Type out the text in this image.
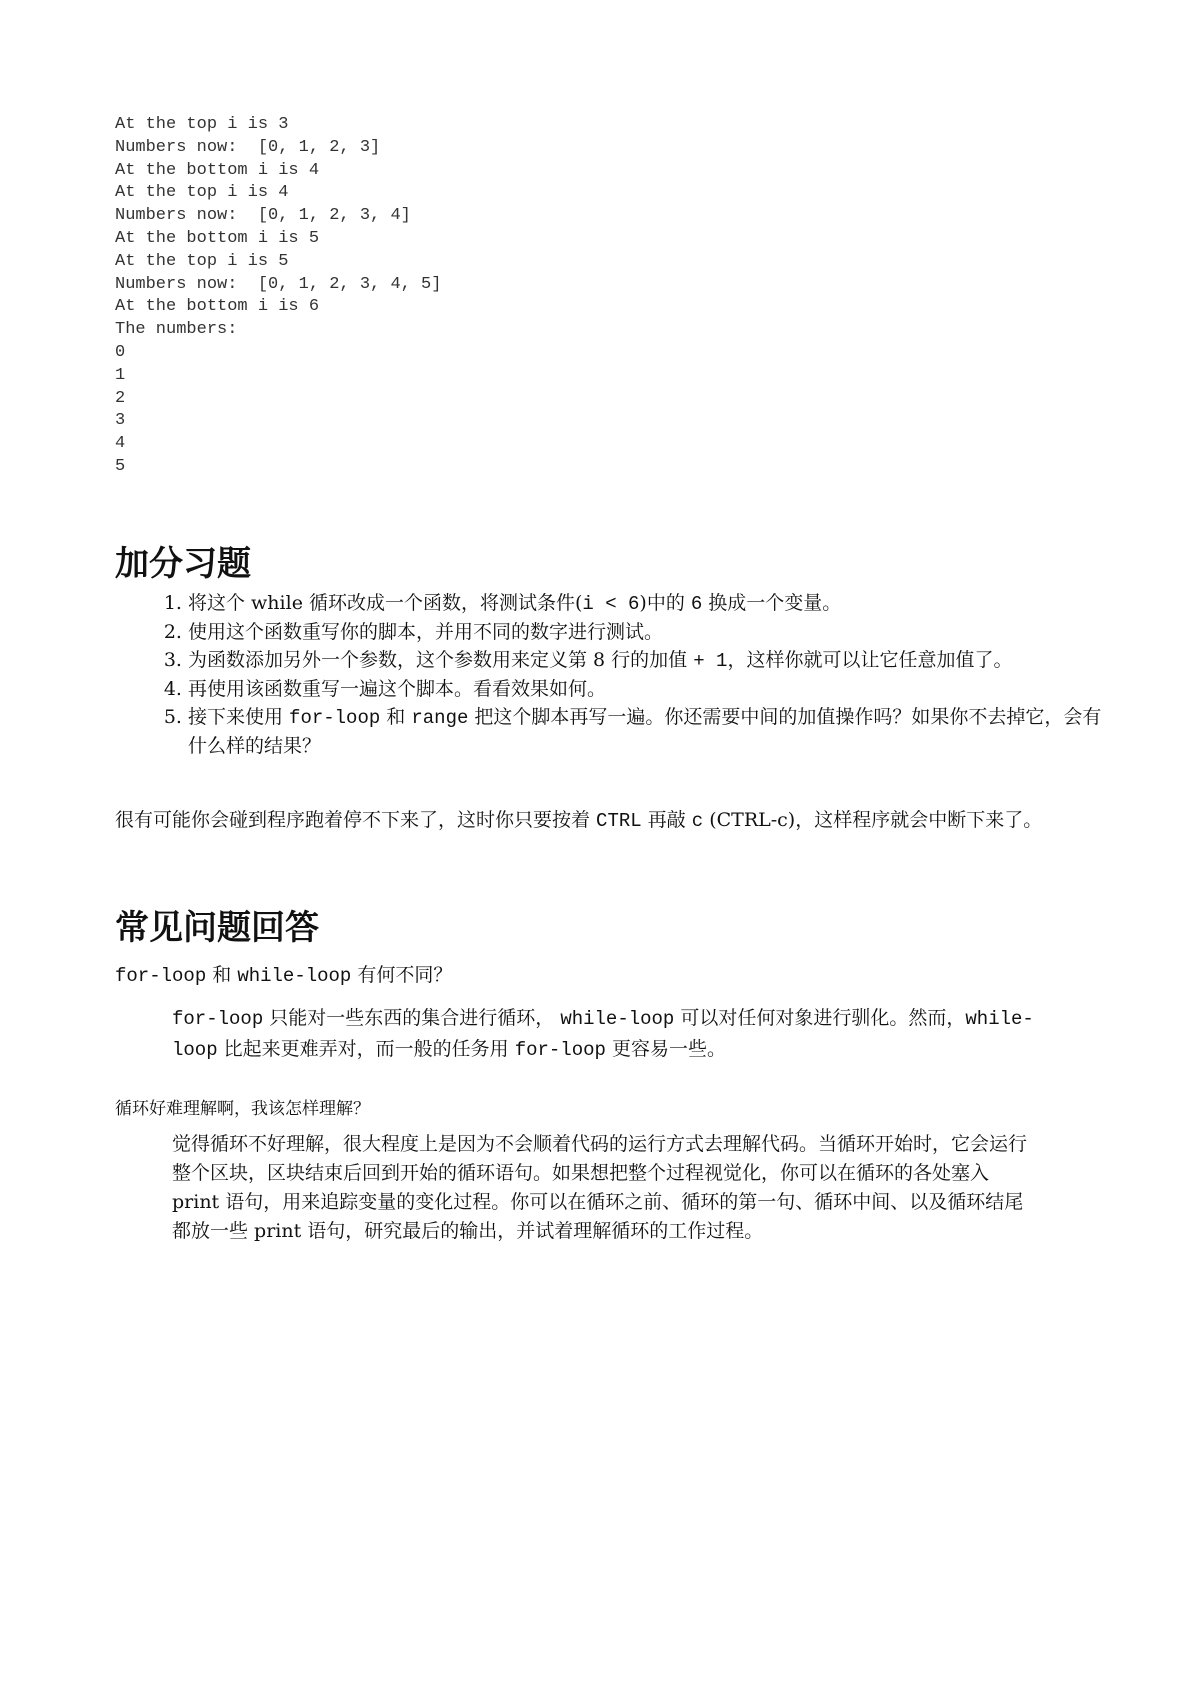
At the top i is 3
Numbers now:  [0, 1, 2, 3]
At the bottom i is 4
At the top i is 4
Numbers now:  [0, 1, 2, 3, 4]
At the bottom i is 5
At the top i is 5
Numbers now:  [0, 1, 2, 3, 4, 5]
At the bottom i is 6
The numbers:
0
1
2
3
4
5
加分习题
1. 将这个 while 循环改成一个函数，将测试条件(i < 6)中的 6 换成一个变量。
2. 使用这个函数重写你的脚本，并用不同的数字进行测试。
3. 为函数添加另外一个参数，这个参数用来定义第 8 行的加值 + 1，这样你就可以让它任意加值了。
4. 再使用该函数重写一遍这个脚本。看看效果如何。
5. 接下来使用 for-loop 和 range 把这个脚本再写一遍。你还需要中间的加值操作吗？如果你不去掉它，会有什么样的结果？

很有可能你会碰到程序跑着停不下来了，这时你只要按着 CTRL 再敲 c (CTRL-c)，这样程序就会中断下来了。

常见问题回答

for-loop 和 while-loop 有何不同？

for-loop 只能对一些东西的集合进行循环， while-loop 可以对任何对象进行驯化。然而，while-loop 比起来更难弄对，而一般的任务用 for-loop 更容易一些。

循环好难理解啊，我该怎样理解？

觉得循环不好理解，很大程度上是因为不会顺着代码的运行方式去理解代码。当循环开始时，它会运行整个区块，区块结束后回到开始的循环语句。如果想把整个过程视觉化，你可以在循环的各处塞入 print 语句，用来追踪变量的变化过程。你可以在循环之前、循环的第一句、循环中间、以及循环结尾都放一些 print 语句，研究最后的输出，并试着理解循环的工作过程。
